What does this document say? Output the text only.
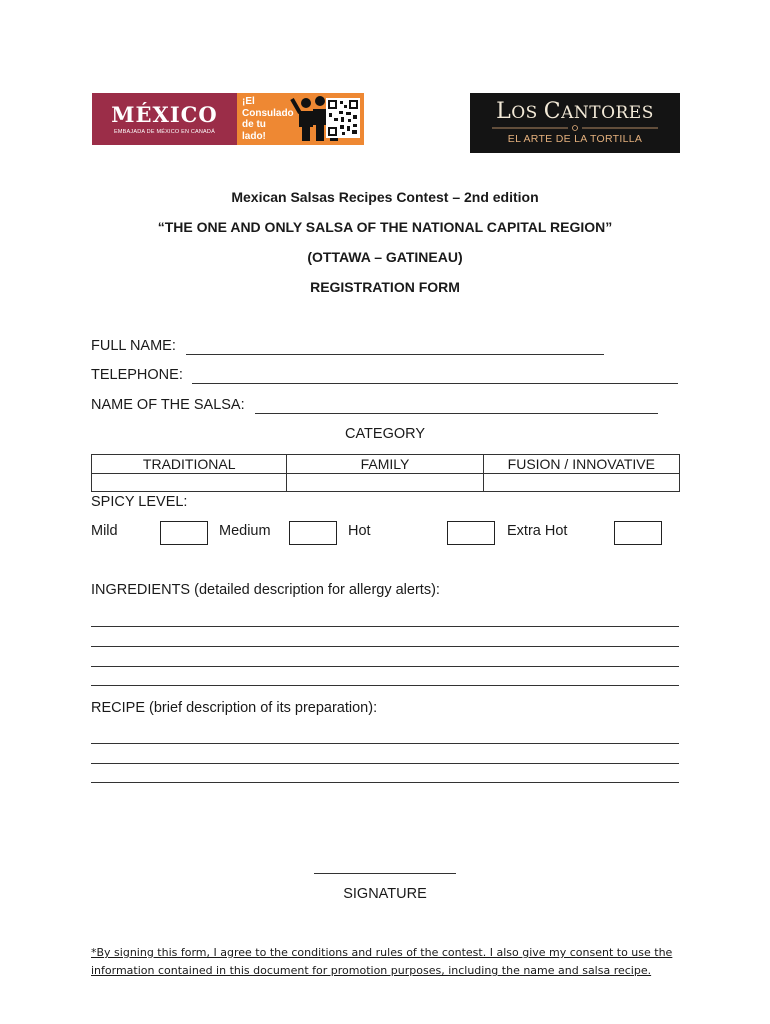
MÉXICO
EMBAJADA DE MÉXICO EN CANADÁ
¡El Consulado
de tu lado!
LOS CANTORES
EL ARTE DE LA TORTILLA
Mexican Salsas Recipes Contest – 2nd edition
“THE ONE AND ONLY SALSA OF THE NATIONAL CAPITAL REGION”
(OTTAWA – GATINEAU)
REGISTRATION FORM
FULL NAME:
TELEPHONE:
NAME OF THE SALSA:
CATEGORY
TRADITIONAL	FAMILY	FUSION / INNOVATIVE

SPICY LEVEL:
Mild	Medium	Hot	Extra Hot
INGREDIENTS (detailed description for allergy alerts):
RECIPE (brief description of its preparation):
SIGNATURE
*By signing this form, I agree to the conditions and rules of the contest. I also give my consent to use the
information contained in this document for promotion purposes, including the name and salsa recipe.
